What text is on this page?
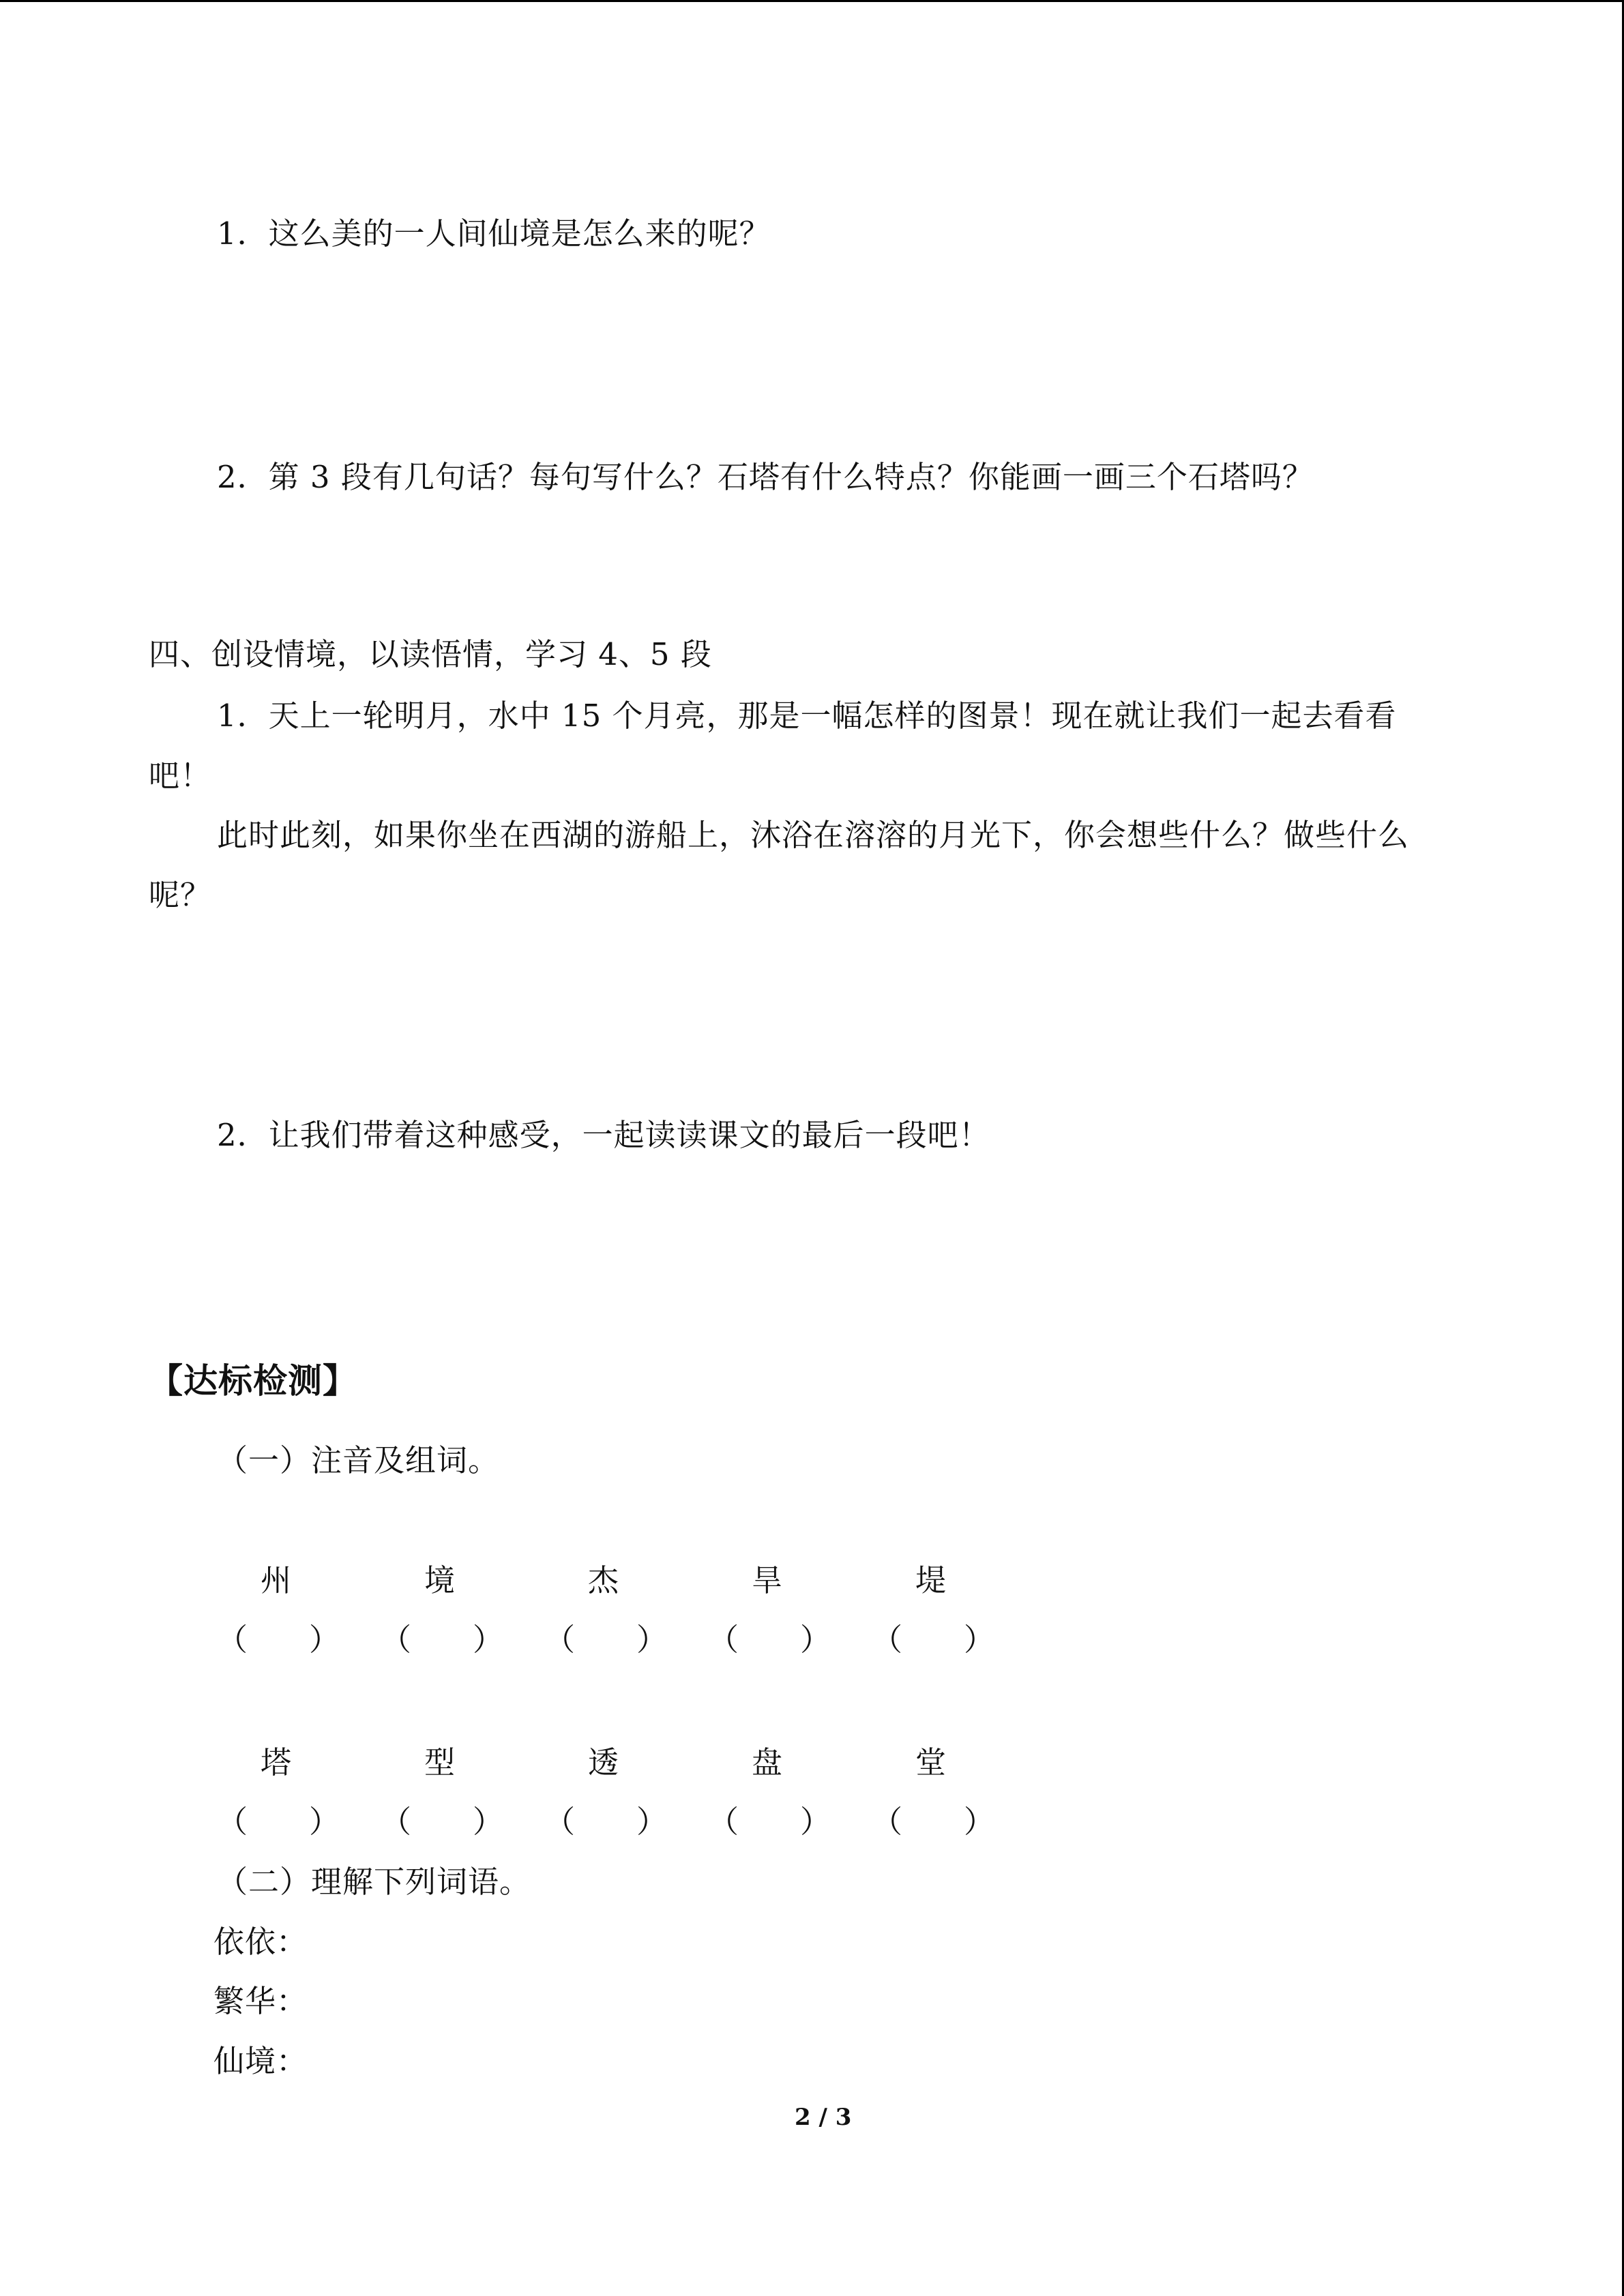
1．这么美的一人间仙境是怎么来的呢？
2．第 3 段有几句话？每句写什么？石塔有什么特点？你能画一画三个石塔吗？
四、创设情境，以读悟情，学习 4、5 段
1．天上一轮明月，水中 15 个月亮，那是一幅怎样的图景！现在就让我们一起去看看
吧！
此时此刻，如果你坐在西湖的游船上，沐浴在溶溶的月光下，你会想些什么？做些什么
呢？
2．让我们带着这种感受，一起读读课文的最后一段吧！
【达标检测】
（一）注音及组词。
州	境	杰	旱	堤
（　　） （　　） （　　） （　　） （　　）
塔	型	透	盘	堂
（　　） （　　） （　　） （　　） （　　）
（二）理解下列词语。
依依：
繁华：
仙境：
2 / 3
